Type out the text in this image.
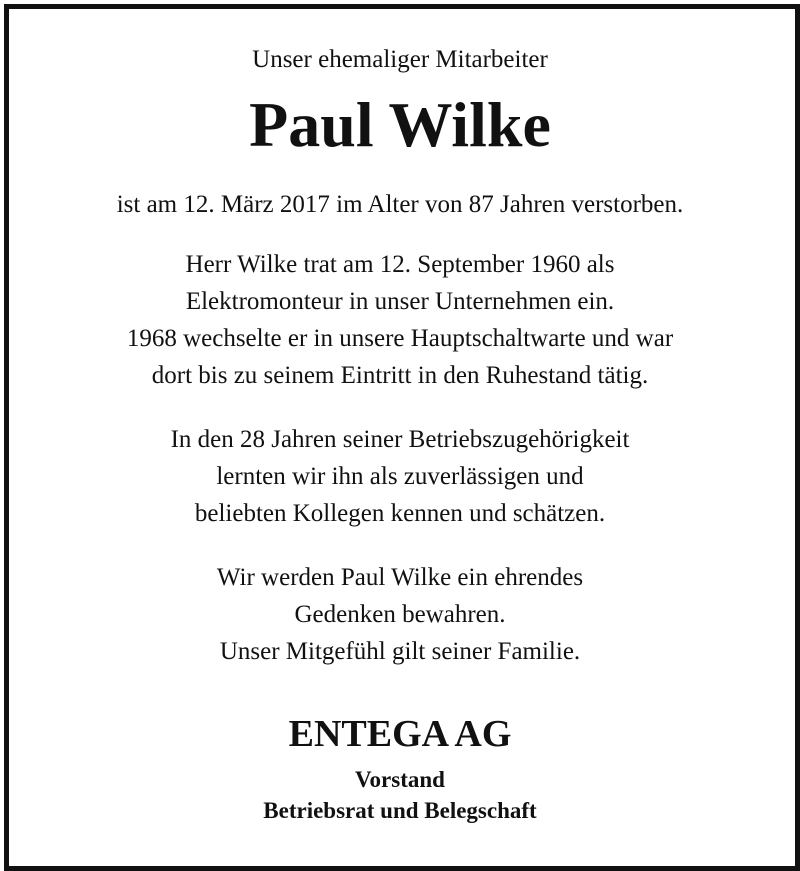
Unser ehemaliger Mitarbeiter
Paul Wilke
ist am 12. März 2017 im Alter von 87 Jahren verstorben.
Herr Wilke trat am 12. September 1960 als
Elektromonteur in unser Unternehmen ein.
1968 wechselte er in unsere Hauptschaltwarte und war
dort bis zu seinem Eintritt in den Ruhestand tätig.
In den 28 Jahren seiner Betriebszugehörigkeit
lernten wir ihn als zuverlässigen und
beliebten Kollegen kennen und schätzen.
Wir werden Paul Wilke ein ehrendes
Gedenken bewahren.
Unser Mitgefühl gilt seiner Familie.
ENTEGA AG
Vorstand
Betriebsrat und Belegschaft
